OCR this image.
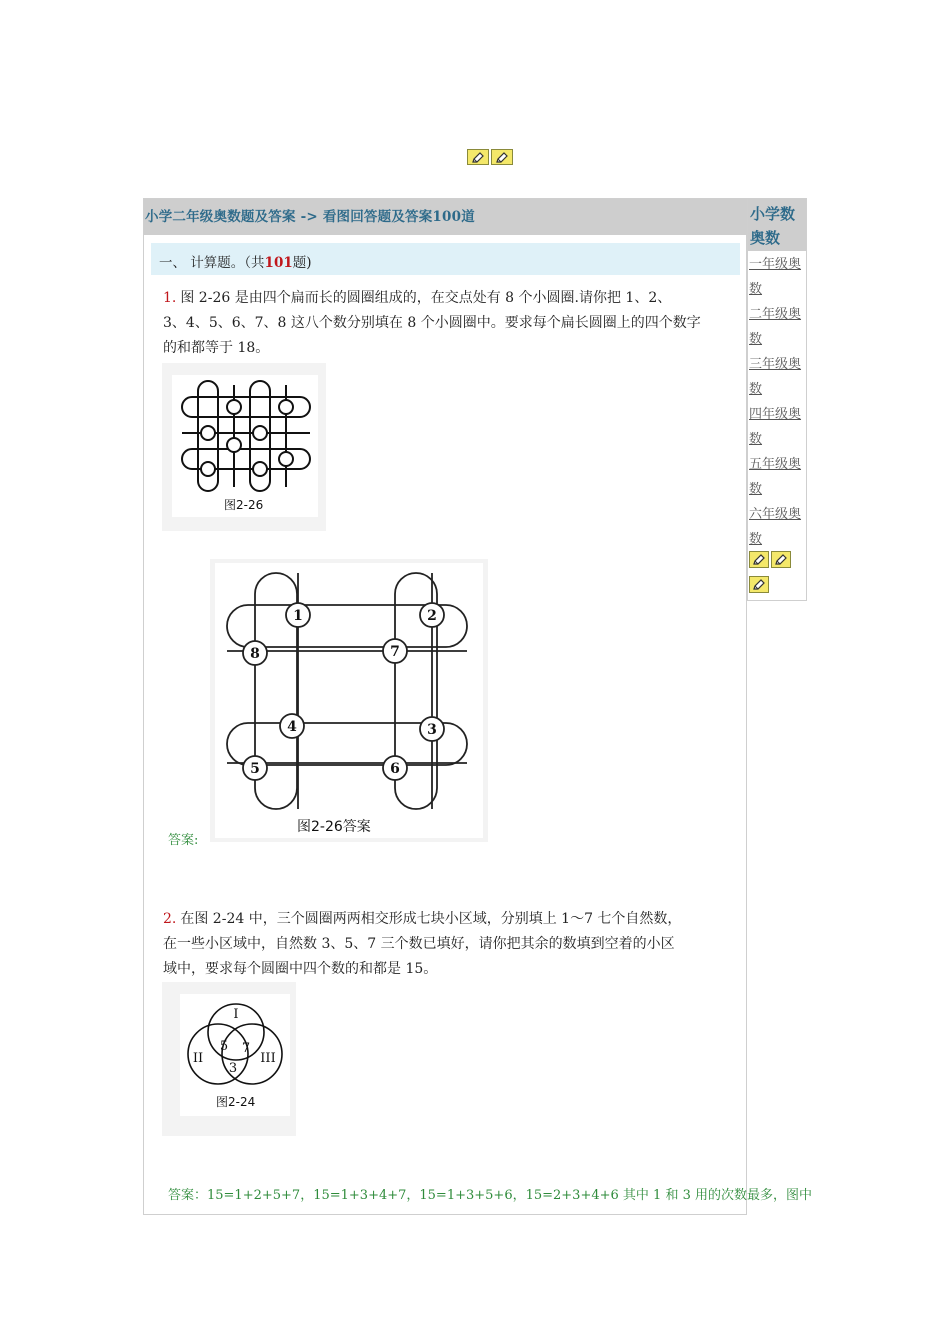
小学二年级奥数题及答案 -> 看图回答题及答案100道
一、 计算题。（共101题)
1. 图 2-26 是由四个扁而长的圆圈组成的，在交点处有 8 个小圆圈.请你把 1、2、
3、4、5、6、7、8 这八个数分别填在 8 个小圆圈中。要求每个扁长圆圈上的四个数字
的和都等于 18。
图2-26
1	2
8	7
4	3
5	6
图2-26答案
答案:
2. 在图 2-24 中，三个圆圈两两相交形成七块小区域，分别填上 1～7 七个自然数，
在一些小区域中，自然数 3、5、7 三个数已填好，请你把其余的数填到空着的小区
域中，要求每个圆圈中四个数的和都是 15。
I
II	III
5 7
3
图2-24
答案：15=1+2+5+7，15=1+3+4+7，15=1+3+5+6，15=2+3+4+6 其中 1 和 3 用的次数最多，图中
小学数奥数
一年级奥数
二年级奥数
三年级奥数
四年级奥数
五年级奥数
六年级奥数
